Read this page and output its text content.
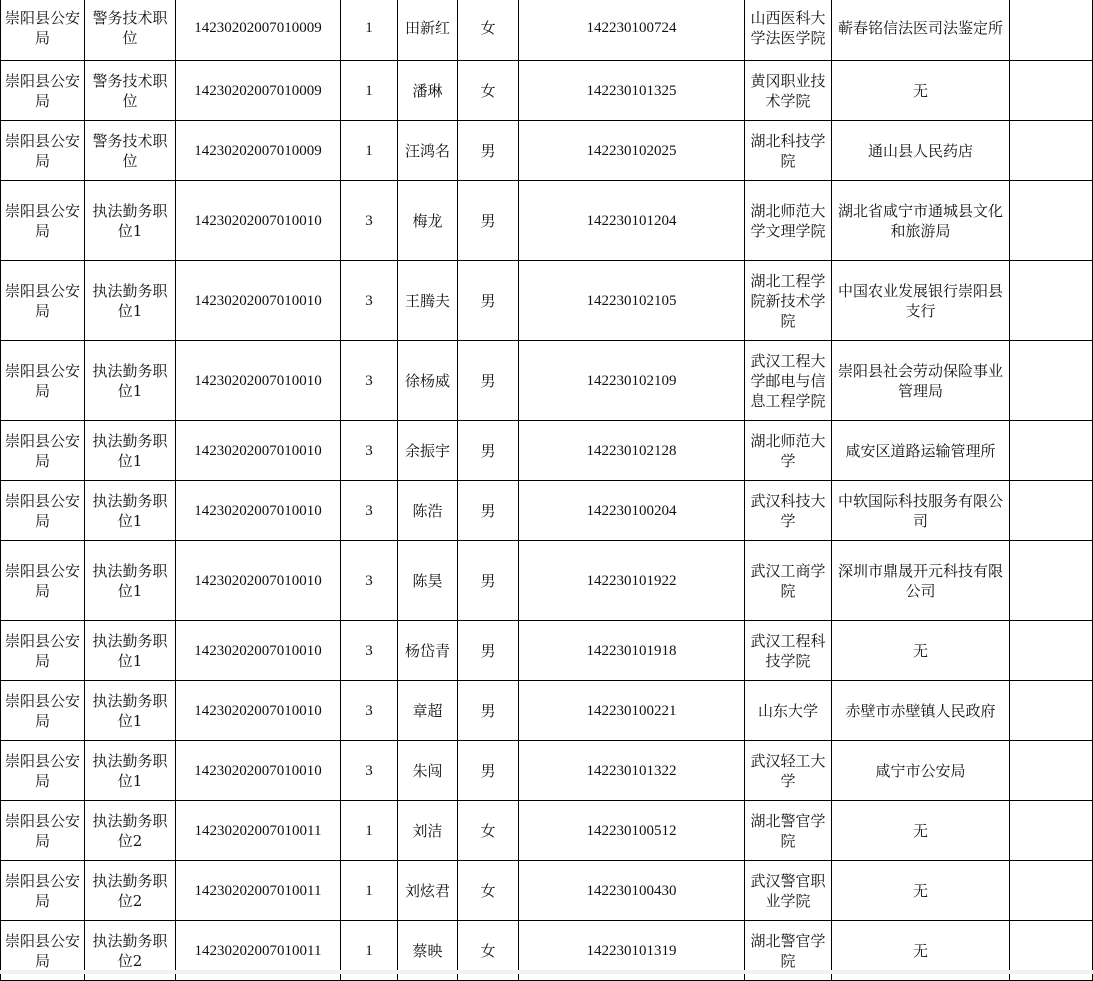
崇阳县公安局	警务技术职位	14230202007010009	1	田新红	女	142230100724	山西医科大学法医学院	蕲春铭信法医司法鉴定所	
崇阳县公安局	警务技术职位	14230202007010009	1	潘琳	女	142230101325	黄冈职业技术学院	无	
崇阳县公安局	警务技术职位	14230202007010009	1	汪鸿名	男	142230102025	湖北科技学院	通山县人民药店	
崇阳县公安局	执法勤务职位1	14230202007010010	3	梅龙	男	142230101204	湖北师范大学文理学院	湖北省咸宁市通城县文化和旅游局	
崇阳县公安局	执法勤务职位1	14230202007010010	3	王腾夫	男	142230102105	湖北工程学院新技术学院	中国农业发展银行崇阳县支行	
崇阳县公安局	执法勤务职位1	14230202007010010	3	徐杨威	男	142230102109	武汉工程大学邮电与信息工程学院	崇阳县社会劳动保险事业管理局	
崇阳县公安局	执法勤务职位1	14230202007010010	3	余振宇	男	142230102128	湖北师范大学	咸安区道路运输管理所	
崇阳县公安局	执法勤务职位1	14230202007010010	3	陈浩	男	142230100204	武汉科技大学	中软国际科技服务有限公司	
崇阳县公安局	执法勤务职位1	14230202007010010	3	陈昊	男	142230101922	武汉工商学院	深圳市鼎晟开元科技有限公司	
崇阳县公安局	执法勤务职位1	14230202007010010	3	杨岱青	男	142230101918	武汉工程科技学院	无	
崇阳县公安局	执法勤务职位1	14230202007010010	3	章超	男	142230100221	山东大学	赤壁市赤壁镇人民政府	
崇阳县公安局	执法勤务职位1	14230202007010010	3	朱闯	男	142230101322	武汉轻工大学	咸宁市公安局	
崇阳县公安局	执法勤务职位2	14230202007010011	1	刘洁	女	142230100512	湖北警官学院	无	
崇阳县公安局	执法勤务职位2	14230202007010011	1	刘炫君	女	142230100430	武汉警官职业学院	无	
崇阳县公安局	执法勤务职位2	14230202007010011	1	蔡映	女	142230101319	湖北警官学院	无	
